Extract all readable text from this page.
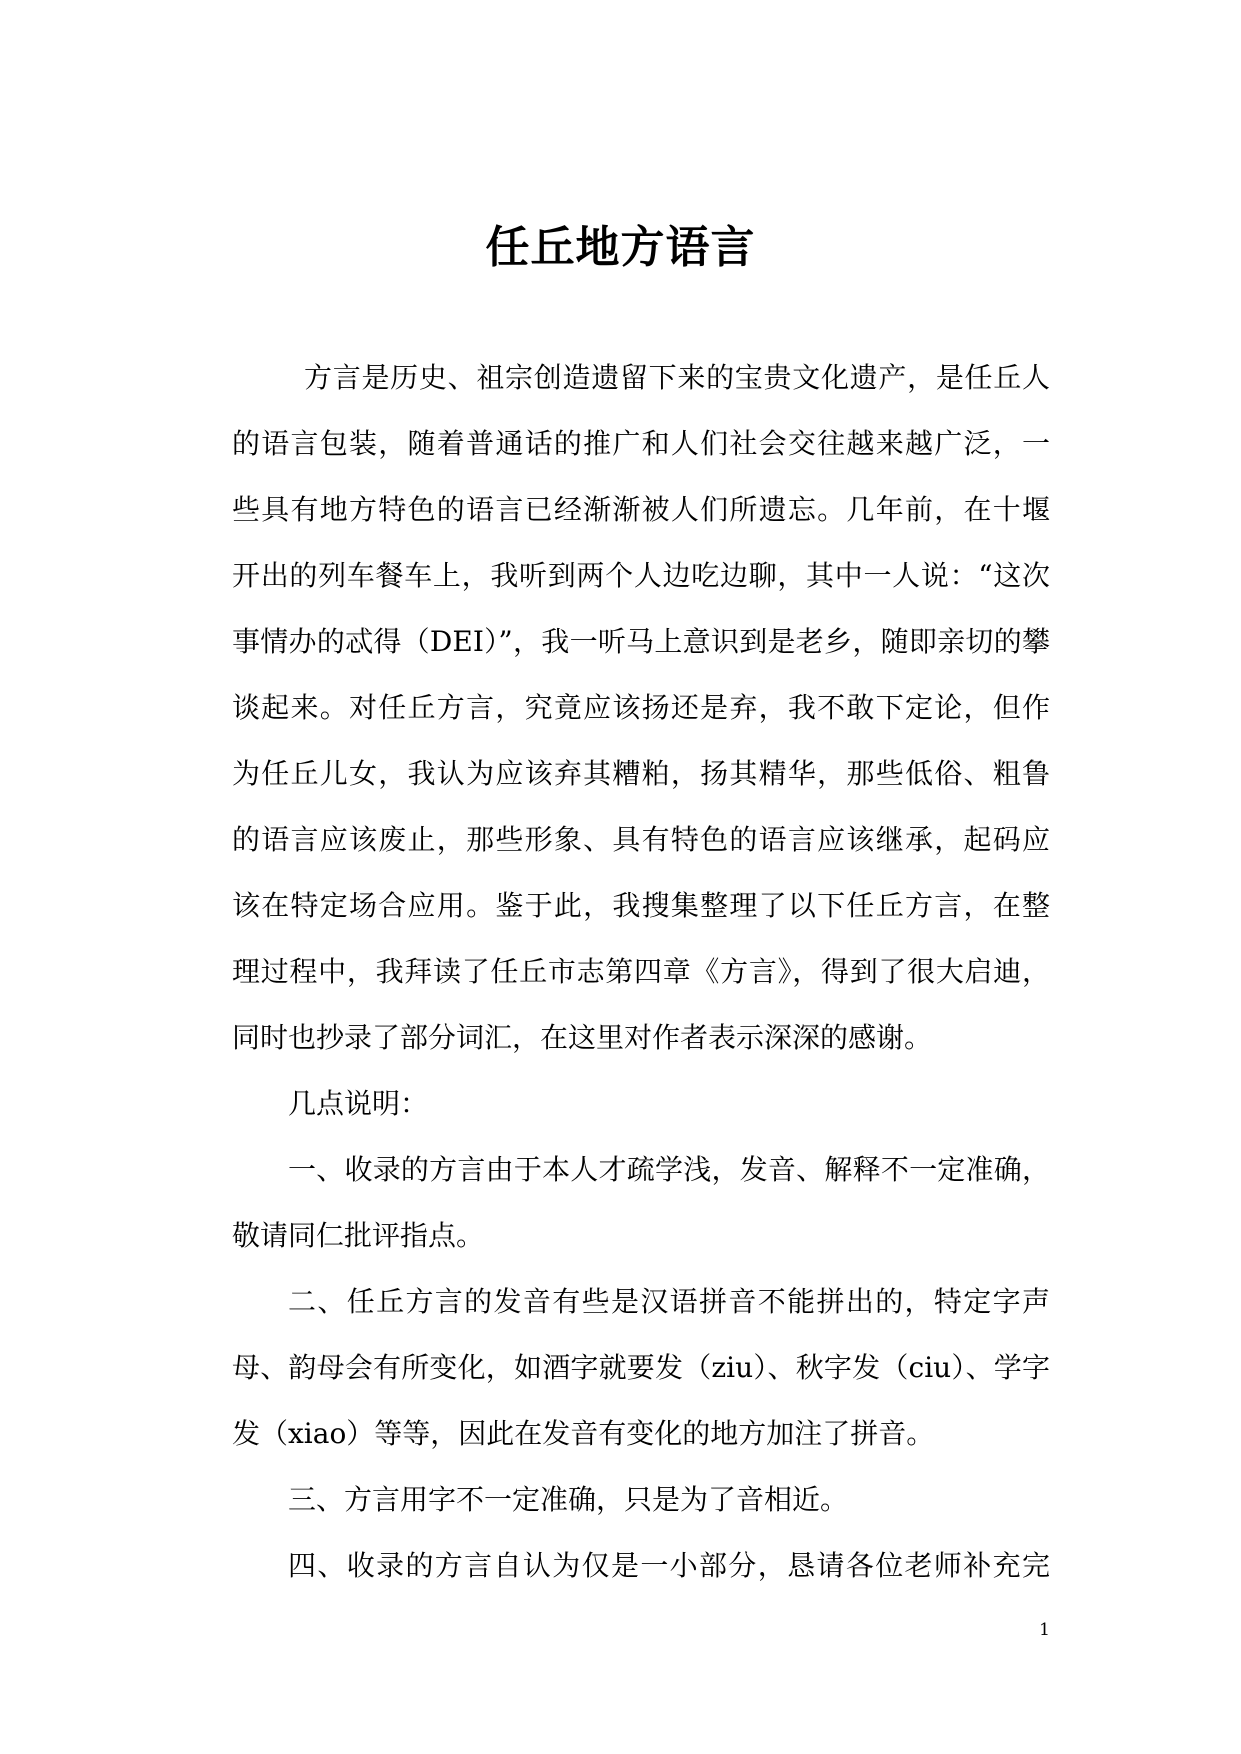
任丘地方语言

方言是历史、祖宗创造遗留下来的宝贵文化遗产，是任丘人

的语言包装，随着普通话的推广和人们社会交往越来越广泛，一

些具有地方特色的语言已经渐渐被人们所遗忘。几年前，在十堰

开出的列车餐车上，我听到两个人边吃边聊，其中一人说：“这次

事情办的忒得（DEI）”，我一听马上意识到是老乡，随即亲切的攀

谈起来。对任丘方言，究竟应该扬还是弃，我不敢下定论，但作

为任丘儿女，我认为应该弃其糟粕，扬其精华，那些低俗、粗鲁

的语言应该废止，那些形象、具有特色的语言应该继承，起码应

该在特定场合应用。鉴于此，我搜集整理了以下任丘方言，在整

理过程中，我拜读了任丘市志第四章《方言》，得到了很大启迪，

同时也抄录了部分词汇，在这里对作者表示深深的感谢。

几点说明：

一、收录的方言由于本人才疏学浅，发音、解释不一定准确，

敬请同仁批评指点。

二、任丘方言的发音有些是汉语拼音不能拼出的，特定字声

母、韵母会有所变化，如酒字就要发（ziu）、秋字发（ciu）、学字

发（xiao）等等，因此在发音有变化的地方加注了拼音。

三、方言用字不一定准确，只是为了音相近。

四、收录的方言自认为仅是一小部分，恳请各位老师补充完

1
